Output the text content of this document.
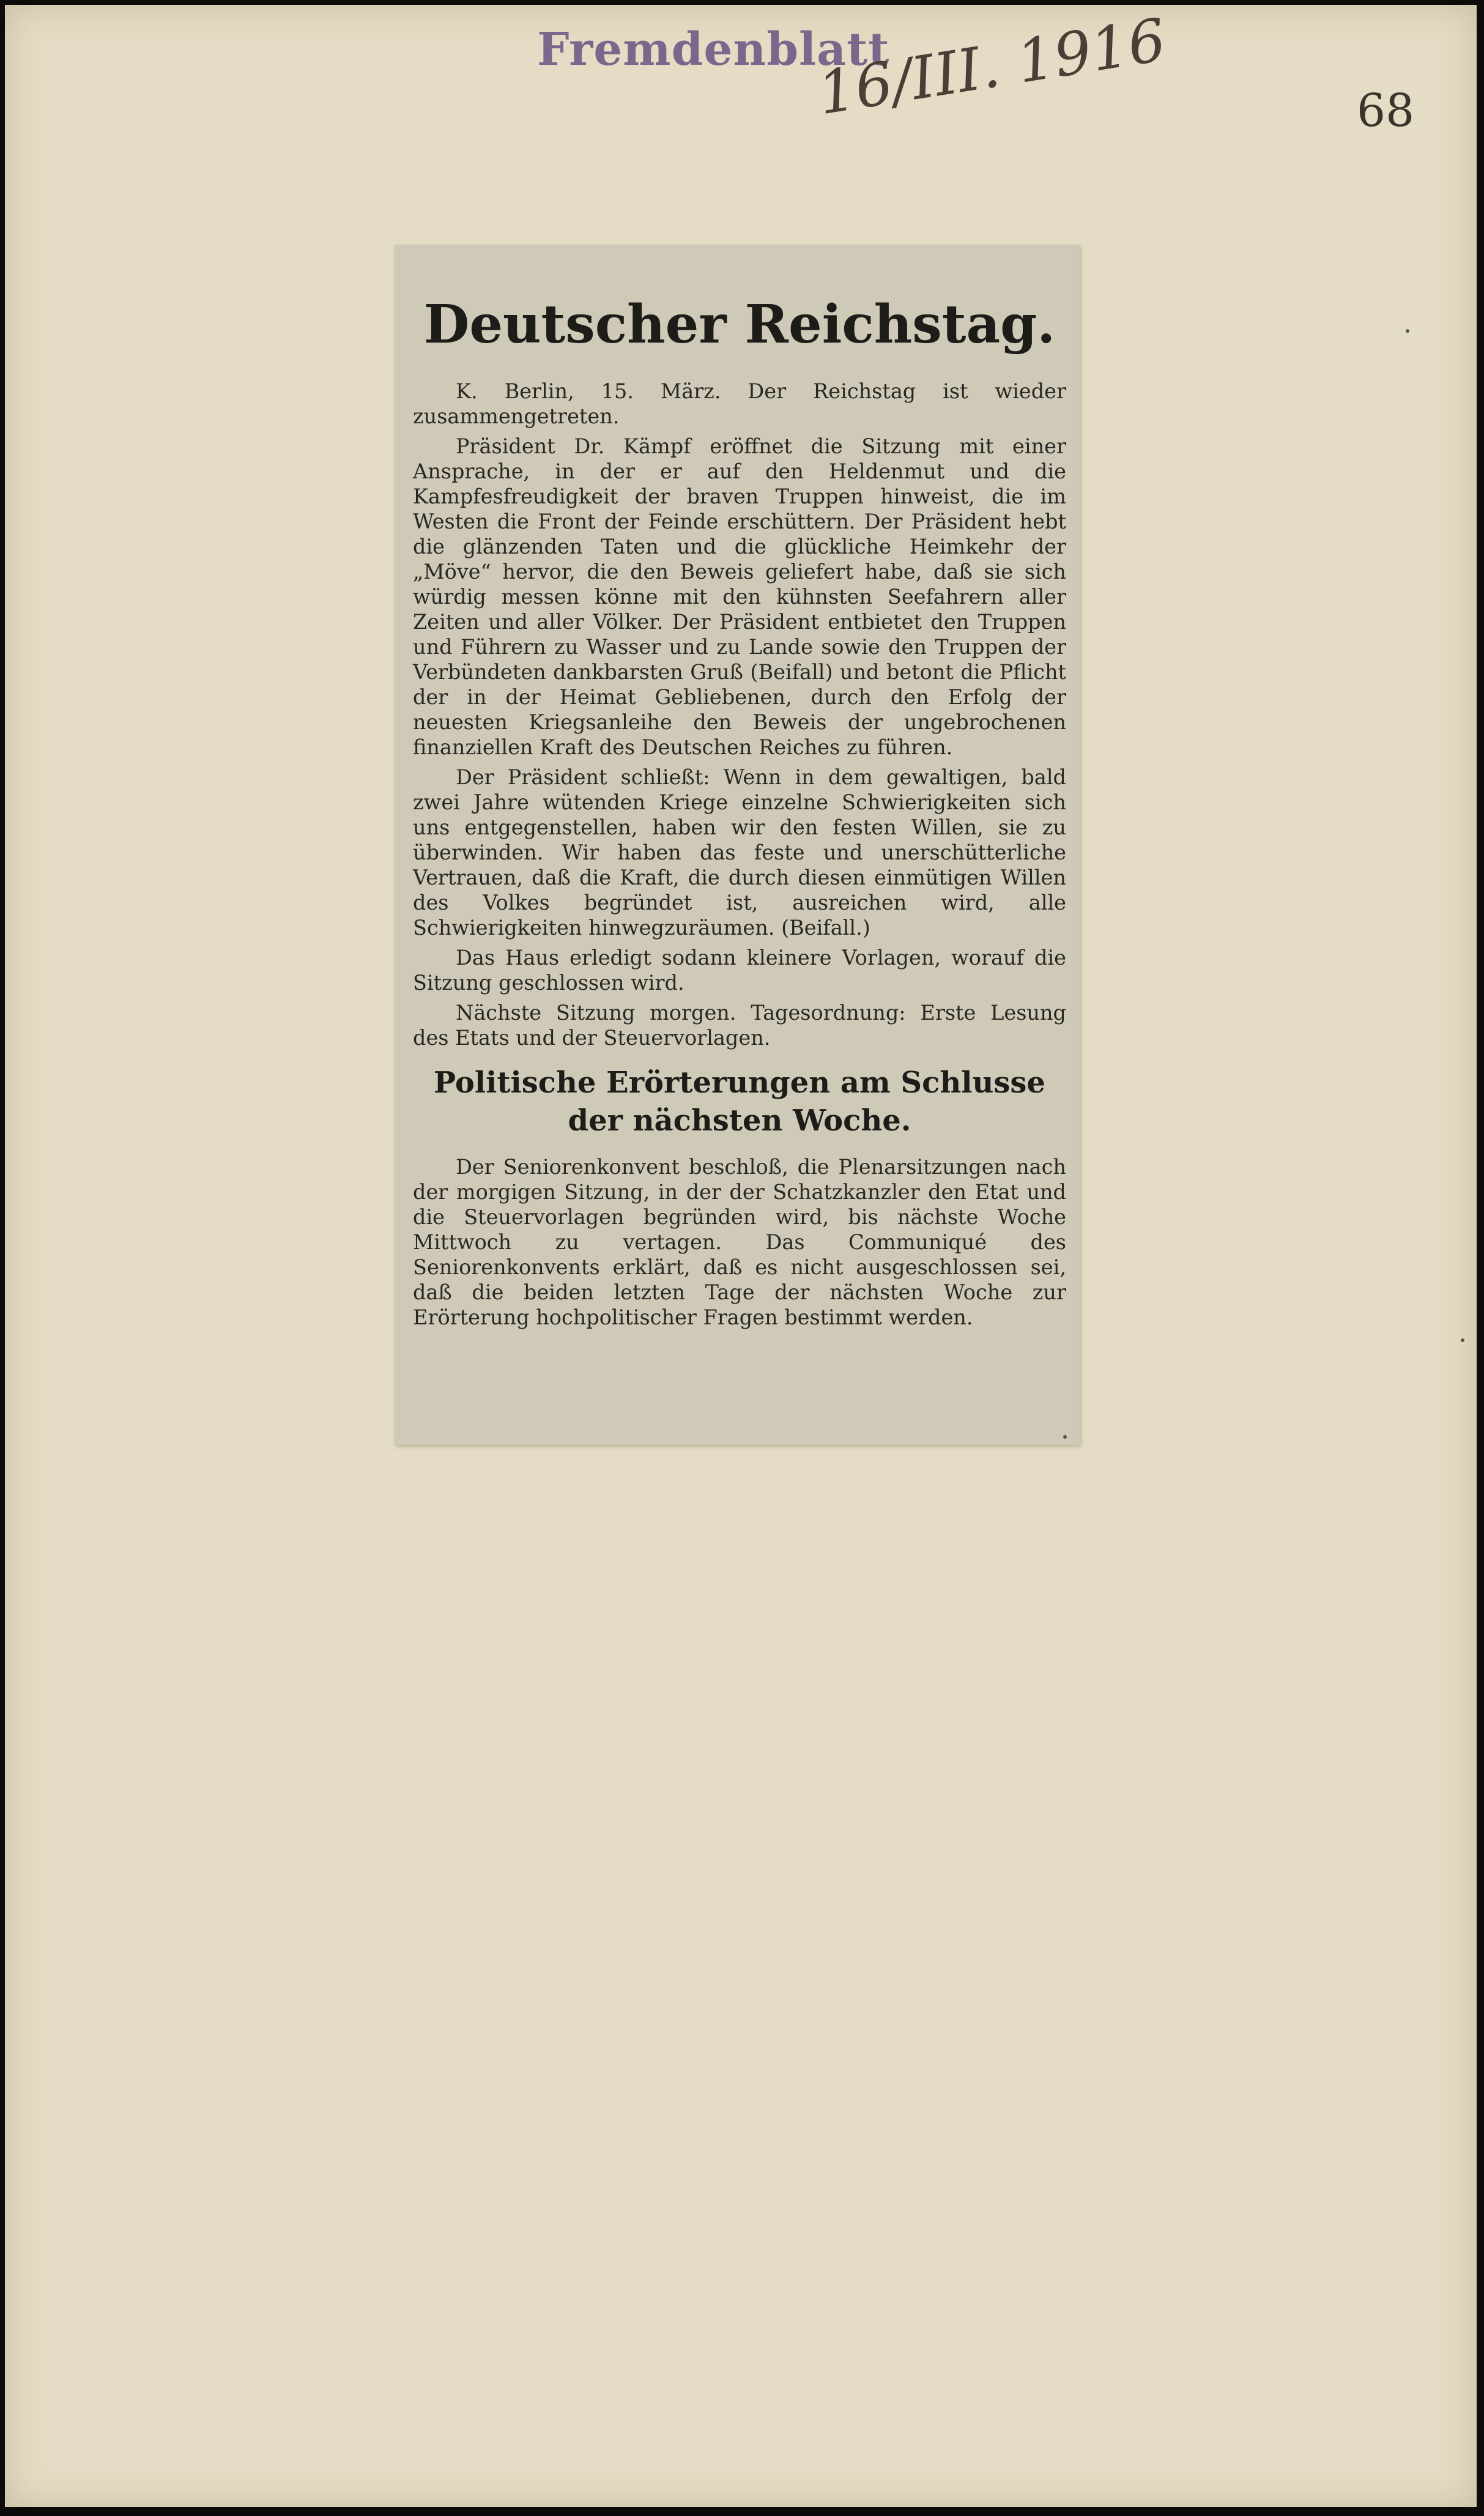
Fremdenblatt
16/III. 1916	68
Deutscher Reichstag.

K. Berlin, 15. März. Der Reichstag ist wieder zusammengetreten.

Präsident Dr. Kämpf eröffnet die Sitzung mit einer Ansprache, in der er auf den Heldenmut und die Kampfesfreudigkeit der braven Truppen hinweist, die im Westen die Front der Feinde erschüttern. Der Präsident hebt die glänzenden Taten und die glückliche Heimkehr der „Möve“ hervor, die den Beweis geliefert habe, daß sie sich würdig messen könne mit den kühnsten Seefahrern aller Zeiten und aller Völker. Der Präsident entbietet den Truppen und Führern zu Wasser und zu Lande sowie den Truppen der Verbündeten dankbarsten Gruß (Beifall) und betont die Pflicht der in der Heimat Gebliebenen, durch den Erfolg der neuesten Kriegsanleihe den Beweis der ungebrochenen finanziellen Kraft des Deutschen Reiches zu führen.

Der Präsident schließt: Wenn in dem gewaltigen, bald zwei Jahre wütenden Kriege einzelne Schwierigkeiten sich uns entgegenstellen, haben wir den festen Willen, sie zu überwinden. Wir haben das feste und unerschütterliche Vertrauen, daß die Kraft, die durch diesen einmütigen Willen des Volkes begründet ist, ausreichen wird, alle Schwierigkeiten hinwegzuräumen. (Beifall.)

Das Haus erledigt sodann kleinere Vorlagen, worauf die Sitzung geschlossen wird.

Nächste Sitzung morgen. Tagesordnung: Erste Lesung des Etats und der Steuervorlagen.

Politische Erörterungen am Schlusse der nächsten Woche.

Der Seniorenkonvent beschloß, die Plenarsitzungen nach der morgigen Sitzung, in der der Schatzkanzler den Etat und die Steuervorlagen begründen wird, bis nächste Woche Mittwoch zu vertagen. Das Communiqué des Seniorenkonvents erklärt, daß es nicht ausgeschlossen sei, daß die beiden letzten Tage der nächsten Woche zur Erörterung hochpolitischer Fragen bestimmt werden.
